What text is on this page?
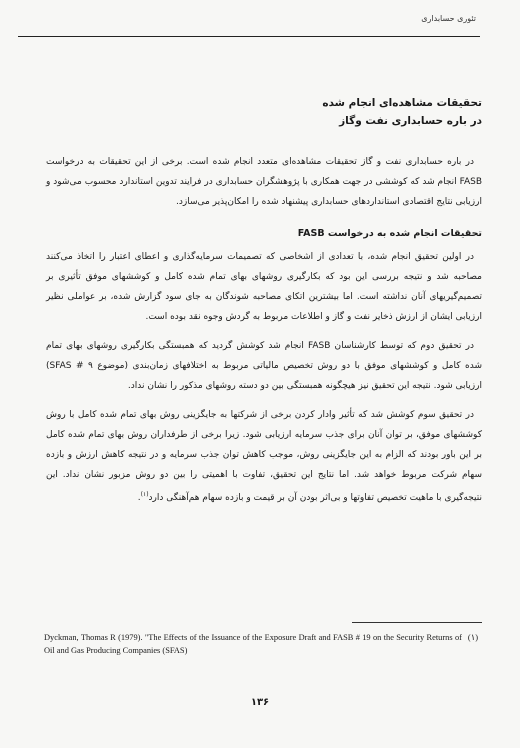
تئوری حسابداری
تحقیقات مشاهده‌ای انجام شده
در باره حسابداری نفت وگاز

در باره حسابداری نفت و گاز تحقیقات مشاهده‌ای متعدد انجام شده است. برخی از این تحقیقات به درخواست FASB انجام شد که کوششی در جهت همکاری با پژوهشگران حسابداری در فرایند تدوین استاندارد محسوب می‌شود و ارزیابی نتایج اقتصادی استانداردهای حسابداری پیشنهاد شده را امکان‌پذیر می‌سازد.

تحقیقات انجام شده به درخواست FASB

در اولین تحقیق انجام شده، با تعدادی از اشخاصی که تصمیمات سرمایه‌گذاری و اعطای اعتبار را اتخاذ می‌کنند مصاحبه شد و نتیجه بررسی این بود که بکارگیری روشهای بهای تمام شده کامل و کوششهای موفق تأثیری بر تصمیم‌گیریهای آنان نداشته است. اما بیشترین اتکای مصاحبه شوندگان به جای سود گزارش شده، بر عواملی نظیر ارزیابی ایشان از ارزش ذخایر نفت و گاز و اطلاعات مربوط به گردش وجوه نقد بوده است.

در تحقیق دوم که توسط کارشناسان FASB انجام شد کوشش گردید که همبستگی بکارگیری روشهای بهای تمام شده کامل و کوششهای موفق با دو روش تخصیص مالیاتی مربوط به اختلافهای زمان‌بندی (موضوع SFAS # ۹) ارزیابی شود. نتیجه این تحقیق نیز هیچگونه همبستگی بین دو دسته روشهای مذکور را نشان نداد.

در تحقیق سوم کوشش شد که تأثیر وادار کردن برخی از شرکتها به جایگزینی روش بهای تمام شده کامل با روش کوششهای موفق، بر توان آنان برای جذب سرمایه ارزیابی شود. زیرا برخی از طرفداران روش بهای تمام شده کامل بر این باور بودند که الزام به این جایگزینی روش، موجب کاهش توان جذب سرمایه و در نتیجه کاهش ارزش و بازده سهام شرکت مربوط خواهد شد. اما نتایج این تحقیق، تفاوت با اهمیتی را بین دو روش مزبور نشان نداد. این نتیجه‌گیری با ماهیت تخصیص تفاوتها و بی‌اثر بودن آن بر قیمت و بازده سهام هم‌آهنگی دارد$^{(۱)}$.

(۱)
Dyckman, Thomas R (1979). "The Effects of the Issuance of the Exposure Draft and FASB # 19 on the Security Returns of Oil and Gas Producing Companies (SFAS)
۱۳۶
